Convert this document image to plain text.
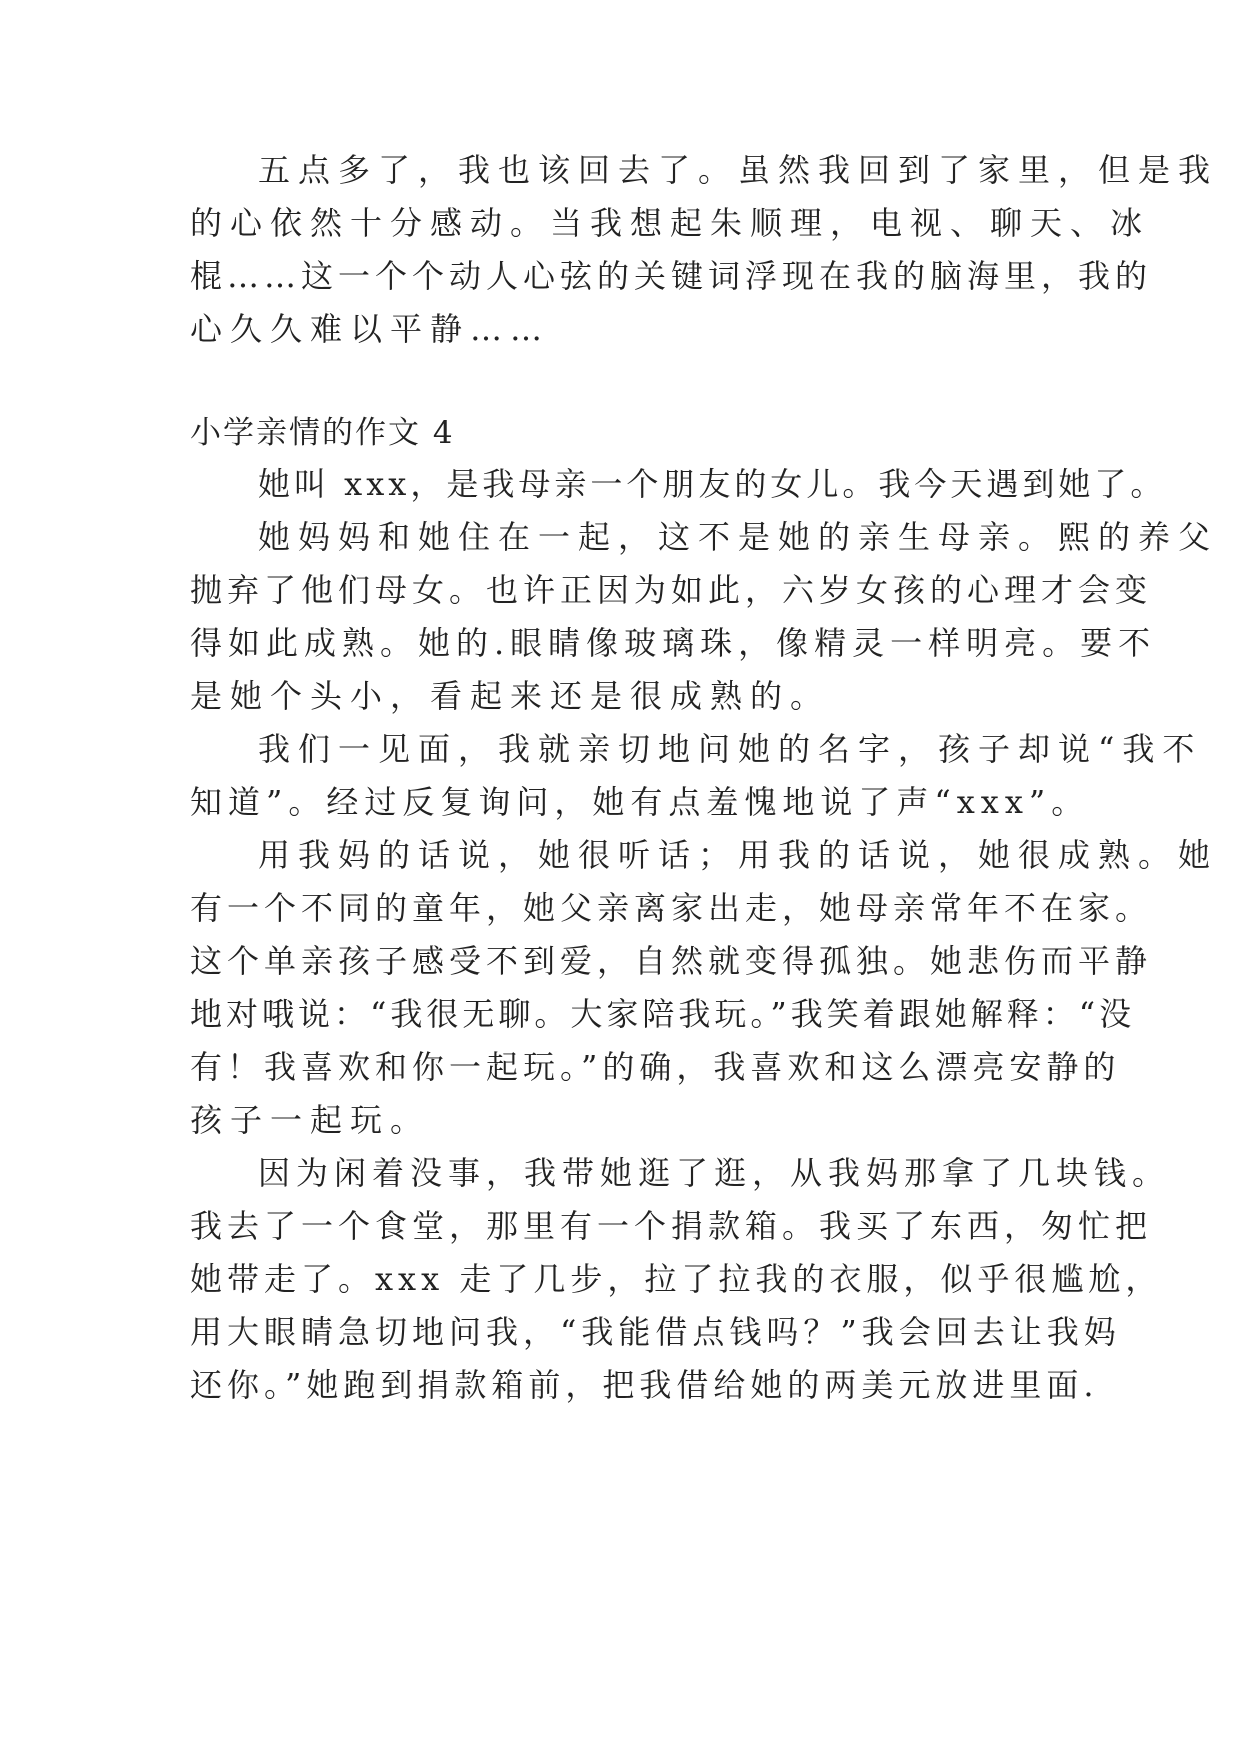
五点多了，我也该回去了。虽然我回到了家里，但是我
的心依然十分感动。当我想起朱顺理，电视、聊天、冰
棍……这一个个动人心弦的关键词浮现在我的脑海里，我的
心久久难以平静……
小学亲情的作文 4
她叫 xxx，是我母亲一个朋友的女儿。我今天遇到她了。
她妈妈和她住在一起，这不是她的亲生母亲。熙的养父
抛弃了他们母女。也许正因为如此，六岁女孩的心理才会变
得如此成熟。她的.眼睛像玻璃珠，像精灵一样明亮。要不
是她个头小，看起来还是很成熟的。
我们一见面，我就亲切地问她的名字，孩子却说“我不
知道”。经过反复询问，她有点羞愧地说了声“xxx”。
用我妈的话说，她很听话；用我的话说，她很成熟。她
有一个不同的童年，她父亲离家出走，她母亲常年不在家。
这个单亲孩子感受不到爱，自然就变得孤独。她悲伤而平静
地对哦说：“我很无聊。大家陪我玩。”我笑着跟她解释：“没
有！我喜欢和你一起玩。”的确，我喜欢和这么漂亮安静的
孩子一起玩。
因为闲着没事，我带她逛了逛，从我妈那拿了几块钱。
我去了一个食堂，那里有一个捐款箱。我买了东西，匆忙把
她带走了。xxx 走了几步，拉了拉我的衣服，似乎很尴尬，
用大眼睛急切地问我，“我能借点钱吗？”我会回去让我妈
还你。”她跑到捐款箱前，把我借给她的两美元放进里面.
